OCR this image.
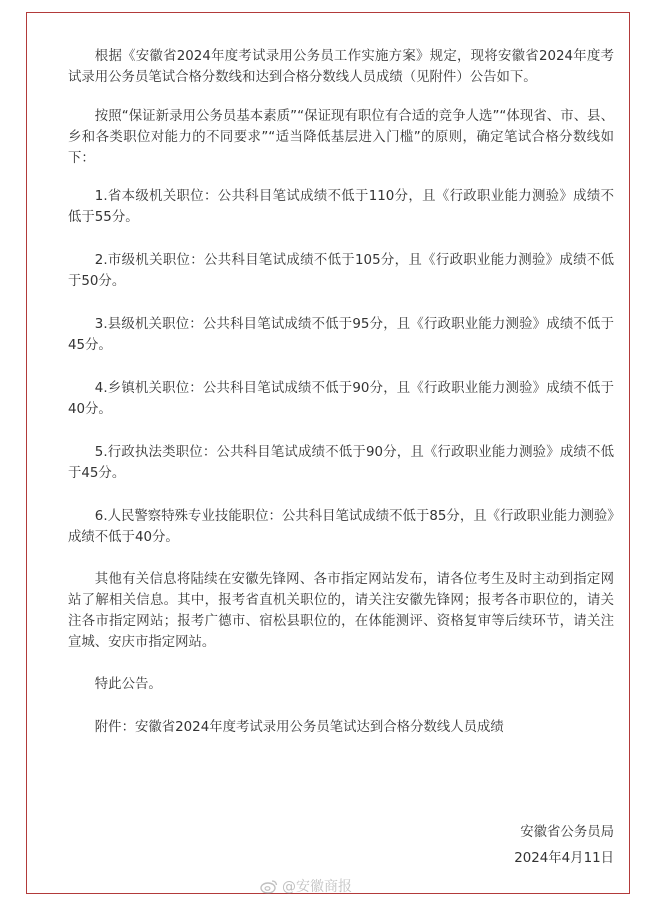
根据《安徽省2024年度考试录用公务员工作实施方案》规定，现将安徽省2024年度考试录用公务员笔试合格分数线和达到合格分数线人员成绩（见附件）公告如下。

按照“保证新录用公务员基本素质”“保证现有职位有合适的竞争人选”“体现省、市、县、乡和各类职位对能力的不同要求”“适当降低基层进入门槛”的原则，确定笔试合格分数线如下：

1.省本级机关职位：公共科目笔试成绩不低于110分，且《行政职业能力测验》成绩不低于55分。

2.市级机关职位：公共科目笔试成绩不低于105分，且《行政职业能力测验》成绩不低于50分。

3.县级机关职位：公共科目笔试成绩不低于95分，且《行政职业能力测验》成绩不低于45分。

4.乡镇机关职位：公共科目笔试成绩不低于90分，且《行政职业能力测验》成绩不低于40分。

5.行政执法类职位：公共科目笔试成绩不低于90分，且《行政职业能力测验》成绩不低于45分。

6.人民警察特殊专业技能职位：公共科目笔试成绩不低于85分，且《行政职业能力测验》成绩不低于40分。

其他有关信息将陆续在安徽先锋网、各市指定网站发布，请各位考生及时主动到指定网站了解相关信息。其中，报考省直机关职位的，请关注安徽先锋网；报考各市职位的，请关注各市指定网站；报考广德市、宿松县职位的，在体能测评、资格复审等后续环节，请关注宣城、安庆市指定网站。

特此公告。

附件：安徽省2024年度考试录用公务员笔试达到合格分数线人员成绩

安徽省公务员局
2024年4月11日
@安徽商报
